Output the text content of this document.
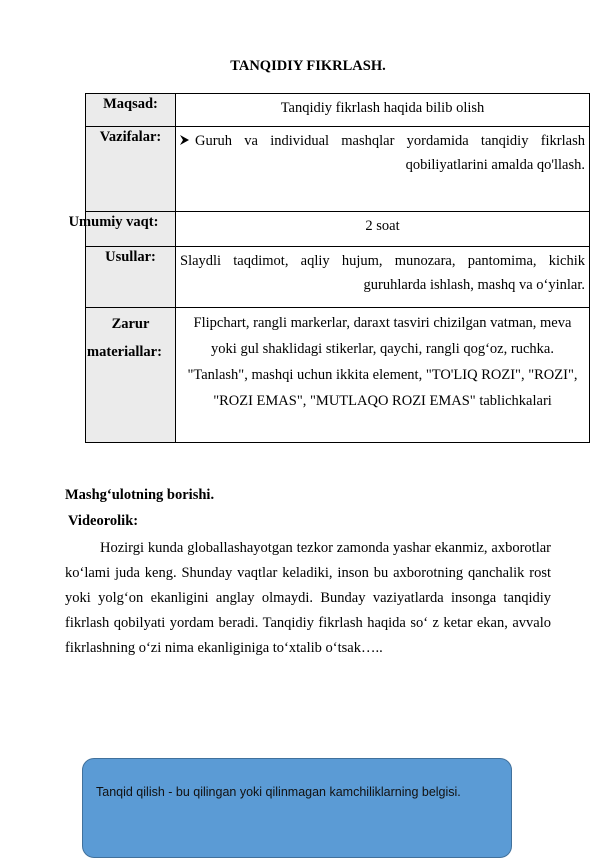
TANQIDIY FIKRLASH.
Maqsad:	Tanqidiy fikrlash haqida bilib olish
Vazifalar:	Guruh va individual mashqlar yordamida tanqidiy fikrlash qobiliyatlarini amalda qo'llash.
Umumiy vaqt:	2 soat
Usullar:	Slaydli taqdimot, aqliy hujum, munozara, pantomima, kichik guruhlarda ishlash, mashq va o‘yinlar.
Zarur
materiallar:	Flipchart, rangli markerlar, daraxt tasviri chizilgan vatman, meva yoki gul shaklidagi stikerlar, qaychi, rangli qog‘oz, ruchka. "Tanlash", mashqi uchun ikkita element, "TO'LIQ ROZI", "ROZI", "ROZI EMAS", "MUTLAQO ROZI EMAS" tablichkalari
Mashg‘ulotning borishi.
Videorolik:

Hozirgi kunda globallashayotgan tezkor zamonda yashar ekanmiz, axborotlar ko‘lami juda keng. Shunday vaqtlar keladiki, inson bu axborotning qanchalik rost yoki yolg‘on ekanligini anglay olmaydi. Bunday vaziyatlarda insonga tanqidiy fikrlash qobilyati yordam beradi. Tanqidiy fikrlash haqida so‘ z ketar ekan, avvalo fikrlashning o‘zi nima ekanliginiga to‘xtalib o‘tsak…..

Tanqid qilish - bu qilingan yoki qilinmagan kamchiliklarning belgisi.
